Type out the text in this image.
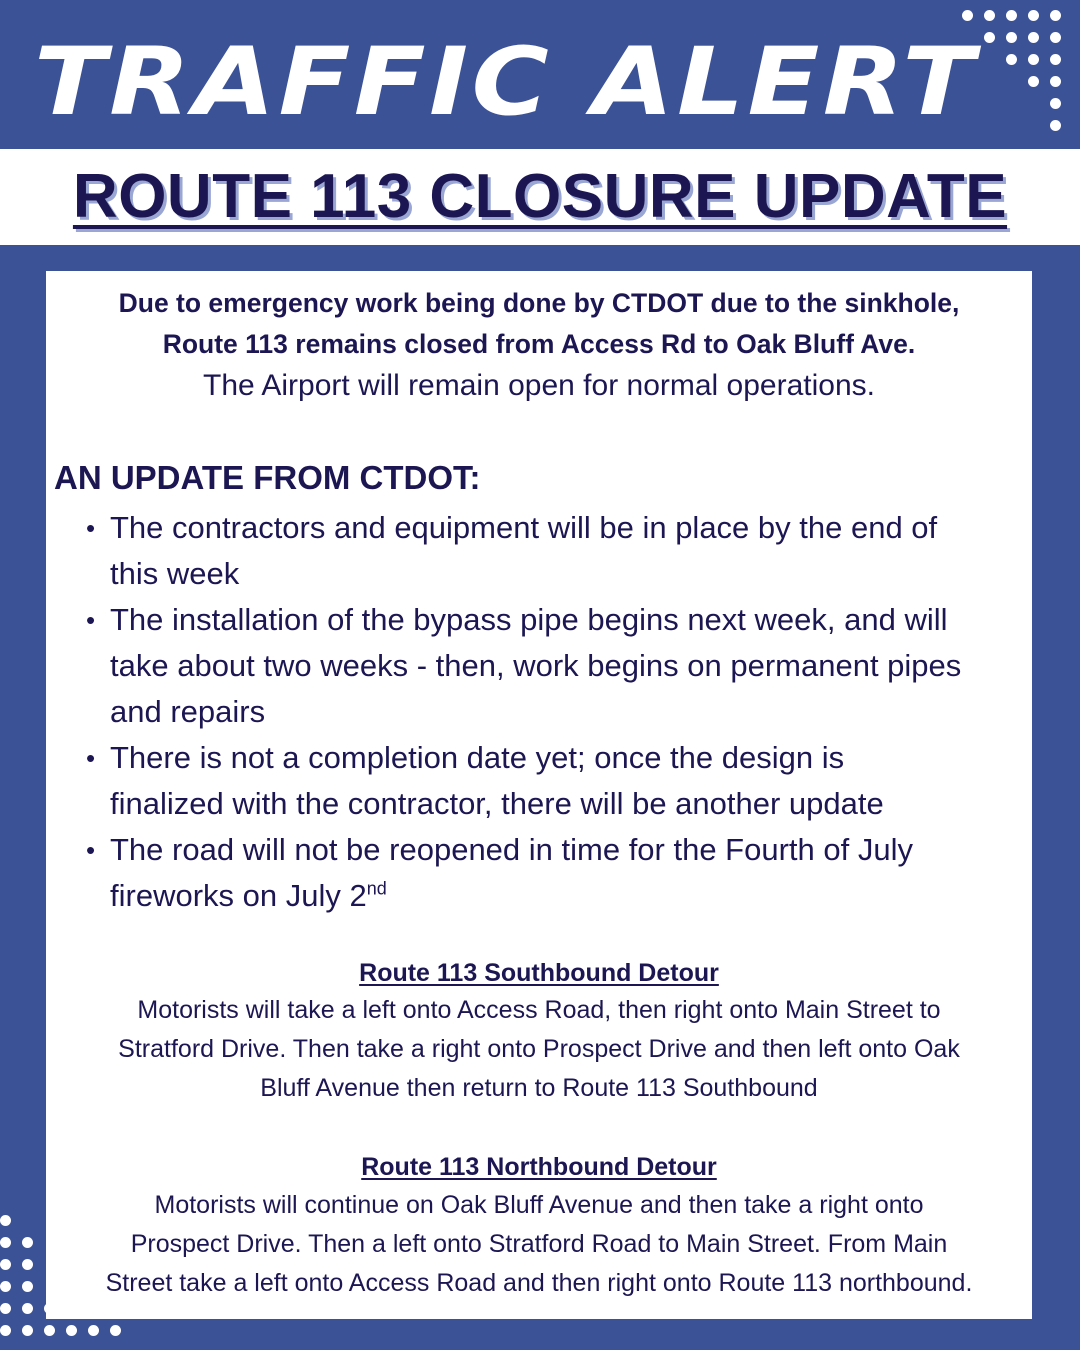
TRAFFIC ALERT
ROUTE 113 CLOSURE UPDATE
Due to emergency work being done by CTDOT due to the sinkhole,
Route 113 remains closed from Access Rd to Oak Bluff Ave.
The Airport will remain open for normal operations.
AN UPDATE FROM CTDOT:
• The contractors and equipment will be in place by the end of
this week
• The installation of the bypass pipe begins next week, and will
take about two weeks - then, work begins on permanent pipes
and repairs
• There is not a completion date yet; once the design is
finalized with the contractor, there will be another update
• The road will not be reopened in time for the Fourth of July
fireworks on July 2nd
Route 113 Southbound Detour
Motorists will take a left onto Access Road, then right onto Main Street to
Stratford Drive. Then take a right onto Prospect Drive and then left onto Oak
Bluff Avenue then return to Route 113 Southbound
Route 113 Northbound Detour
Motorists will continue on Oak Bluff Avenue and then take a right onto
Prospect Drive. Then a left onto Stratford Road to Main Street. From Main
Street take a left onto Access Road and then right onto Route 113 northbound.
